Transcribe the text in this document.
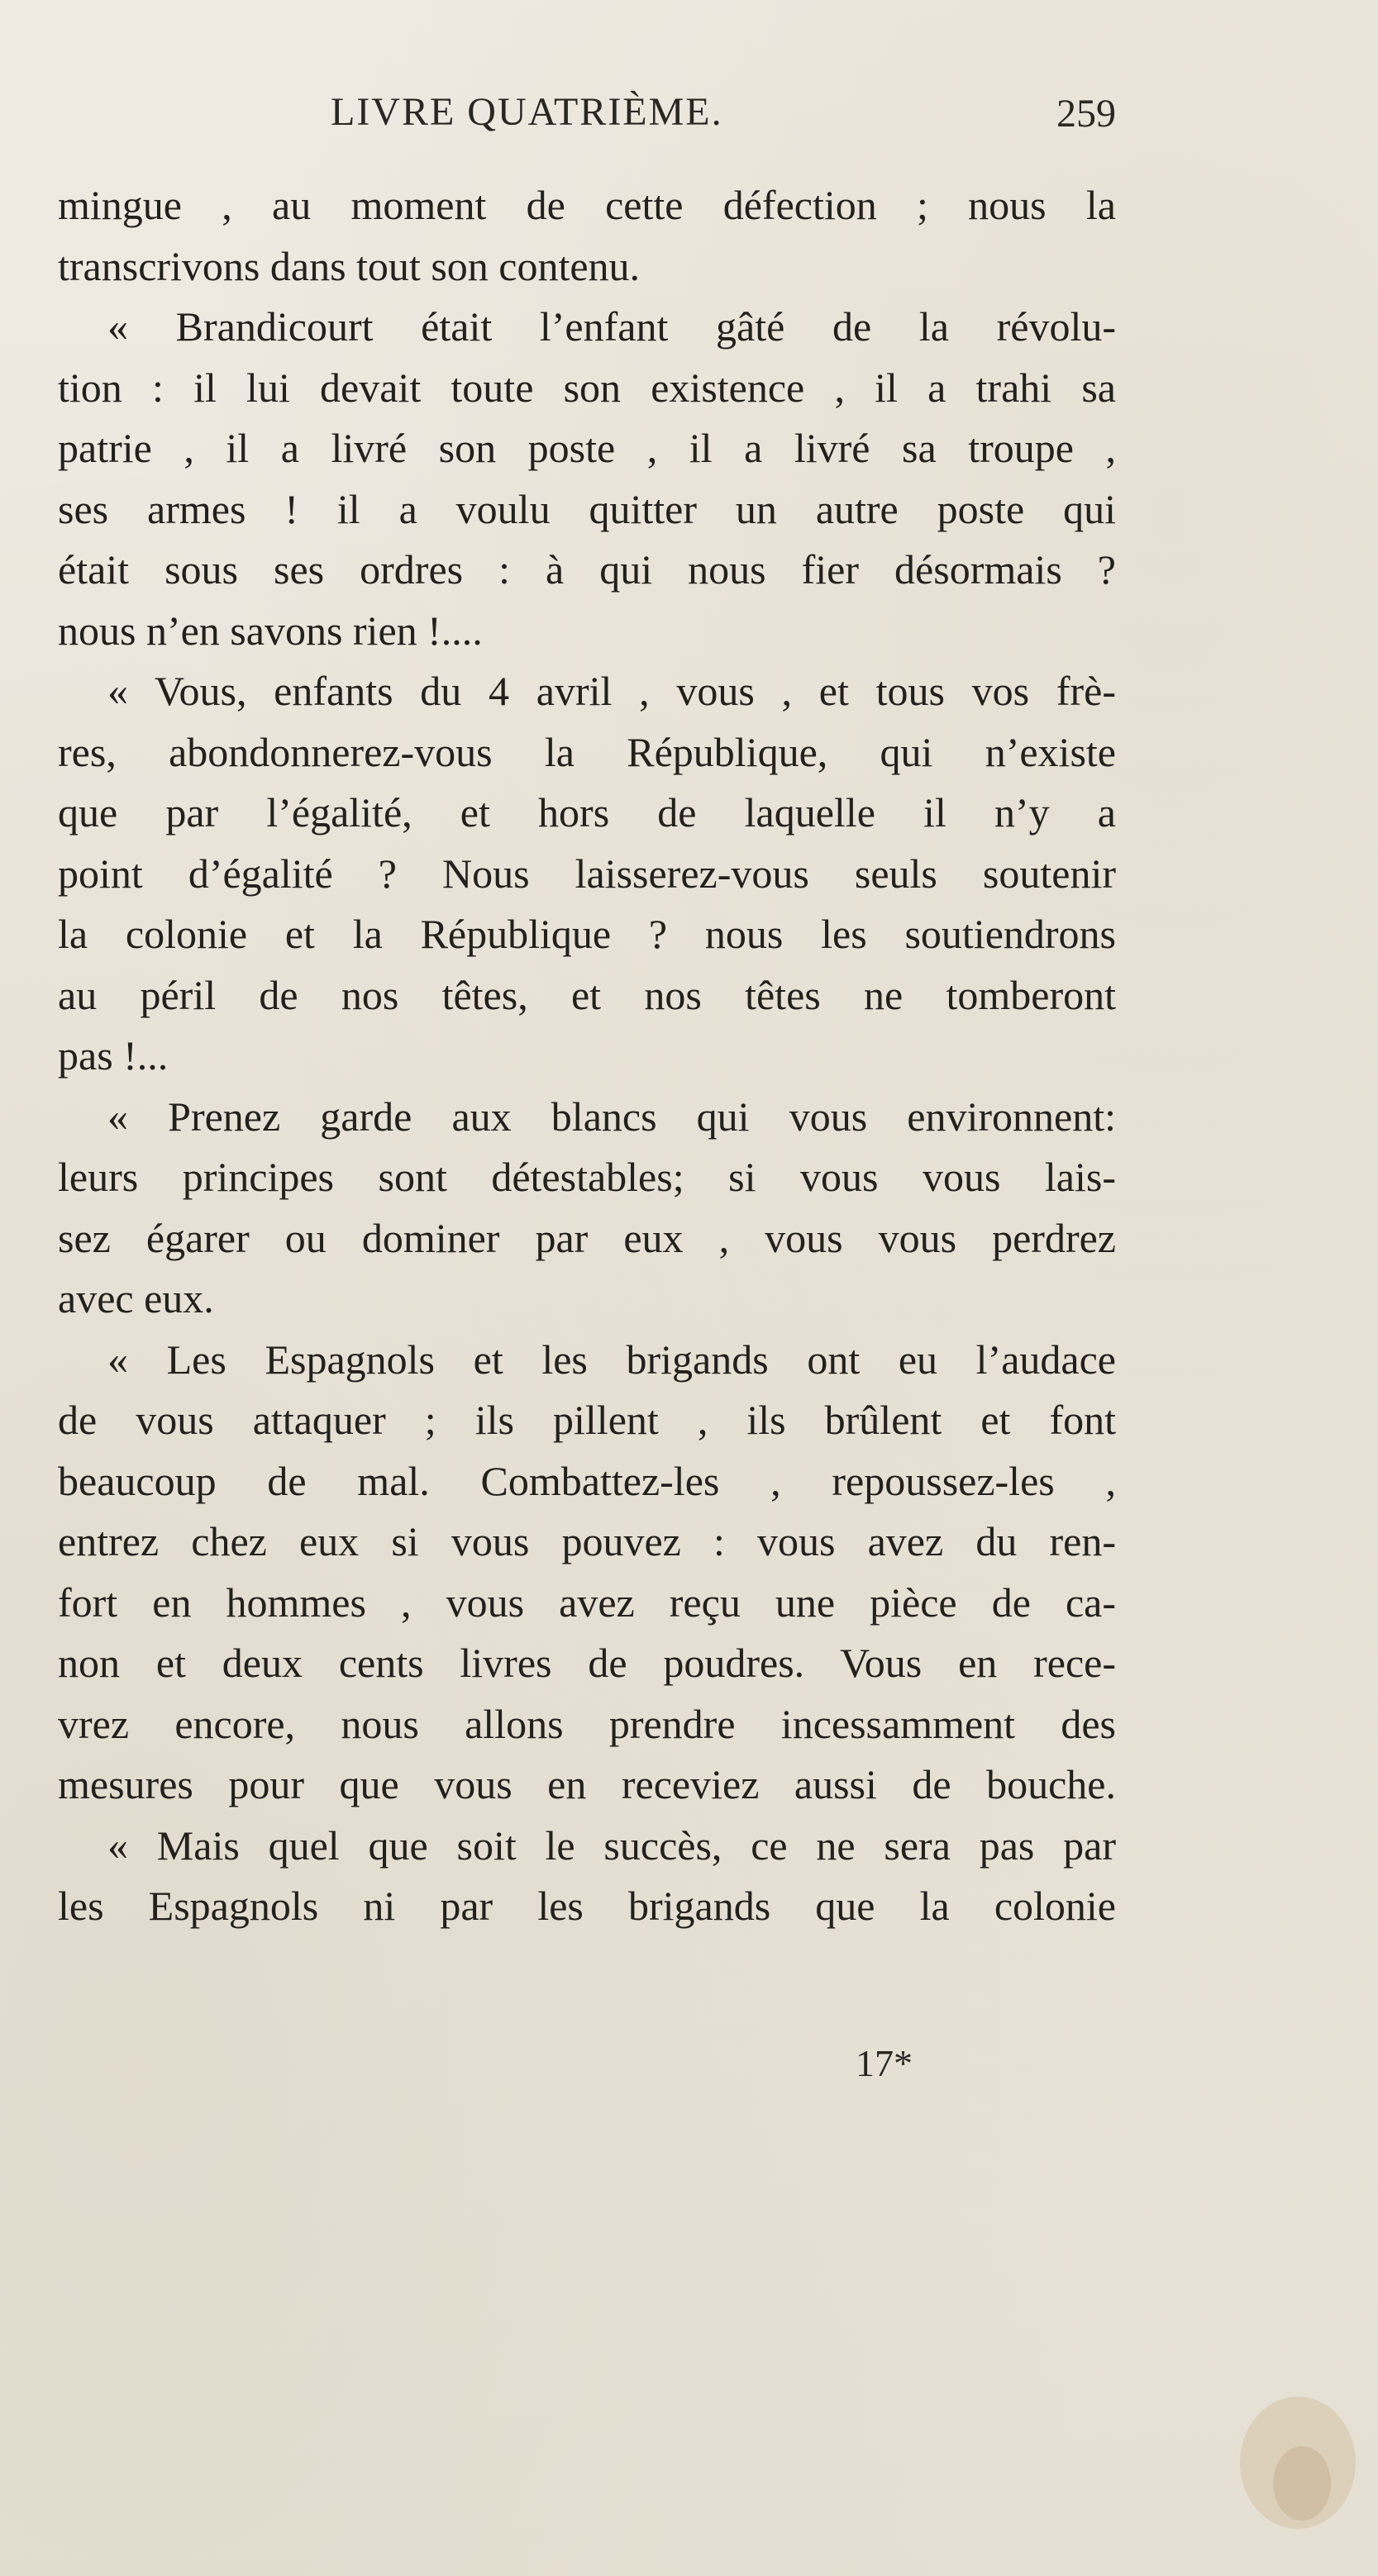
LIVRE QUATRIÈME.	259
mingue , au moment de cette défection ; nous la
transcrivons dans tout son contenu.
« Brandicourt était l’enfant gâté de la révolu-
tion : il lui devait toute son existence , il a trahi sa
patrie , il a livré son poste , il a livré sa troupe ,
ses armes ! il a voulu quitter un autre poste qui
était sous ses ordres : à qui nous fier désormais ?
nous n’en savons rien !....
« Vous, enfants du 4 avril , vous , et tous vos frè-
res, abondonnerez-vous la République, qui n’existe
que par l’égalité, et hors de laquelle il n’y a
point d’égalité ? Nous laisserez-vous seuls soutenir
la colonie et la République ? nous les soutiendrons
au péril de nos têtes, et nos têtes ne tomberont
pas !...
« Prenez garde aux blancs qui vous environnent:
leurs principes sont détestables; si vous vous lais-
sez égarer ou dominer par eux , vous vous perdrez
avec eux.
« Les Espagnols et les brigands ont eu l’audace
de vous attaquer ; ils pillent , ils brûlent et font
beaucoup de mal. Combattez-les , repoussez-les ,
entrez chez eux si vous pouvez : vous avez du ren-
fort en hommes , vous avez reçu une pièce de ca-
non et deux cents livres de poudres. Vous en rece-
vrez encore, nous allons prendre incessamment des
mesures pour que vous en receviez aussi de bouche.
« Mais quel que soit le succès, ce ne sera pas par
les Espagnols ni par les brigands que la colonie
17*
